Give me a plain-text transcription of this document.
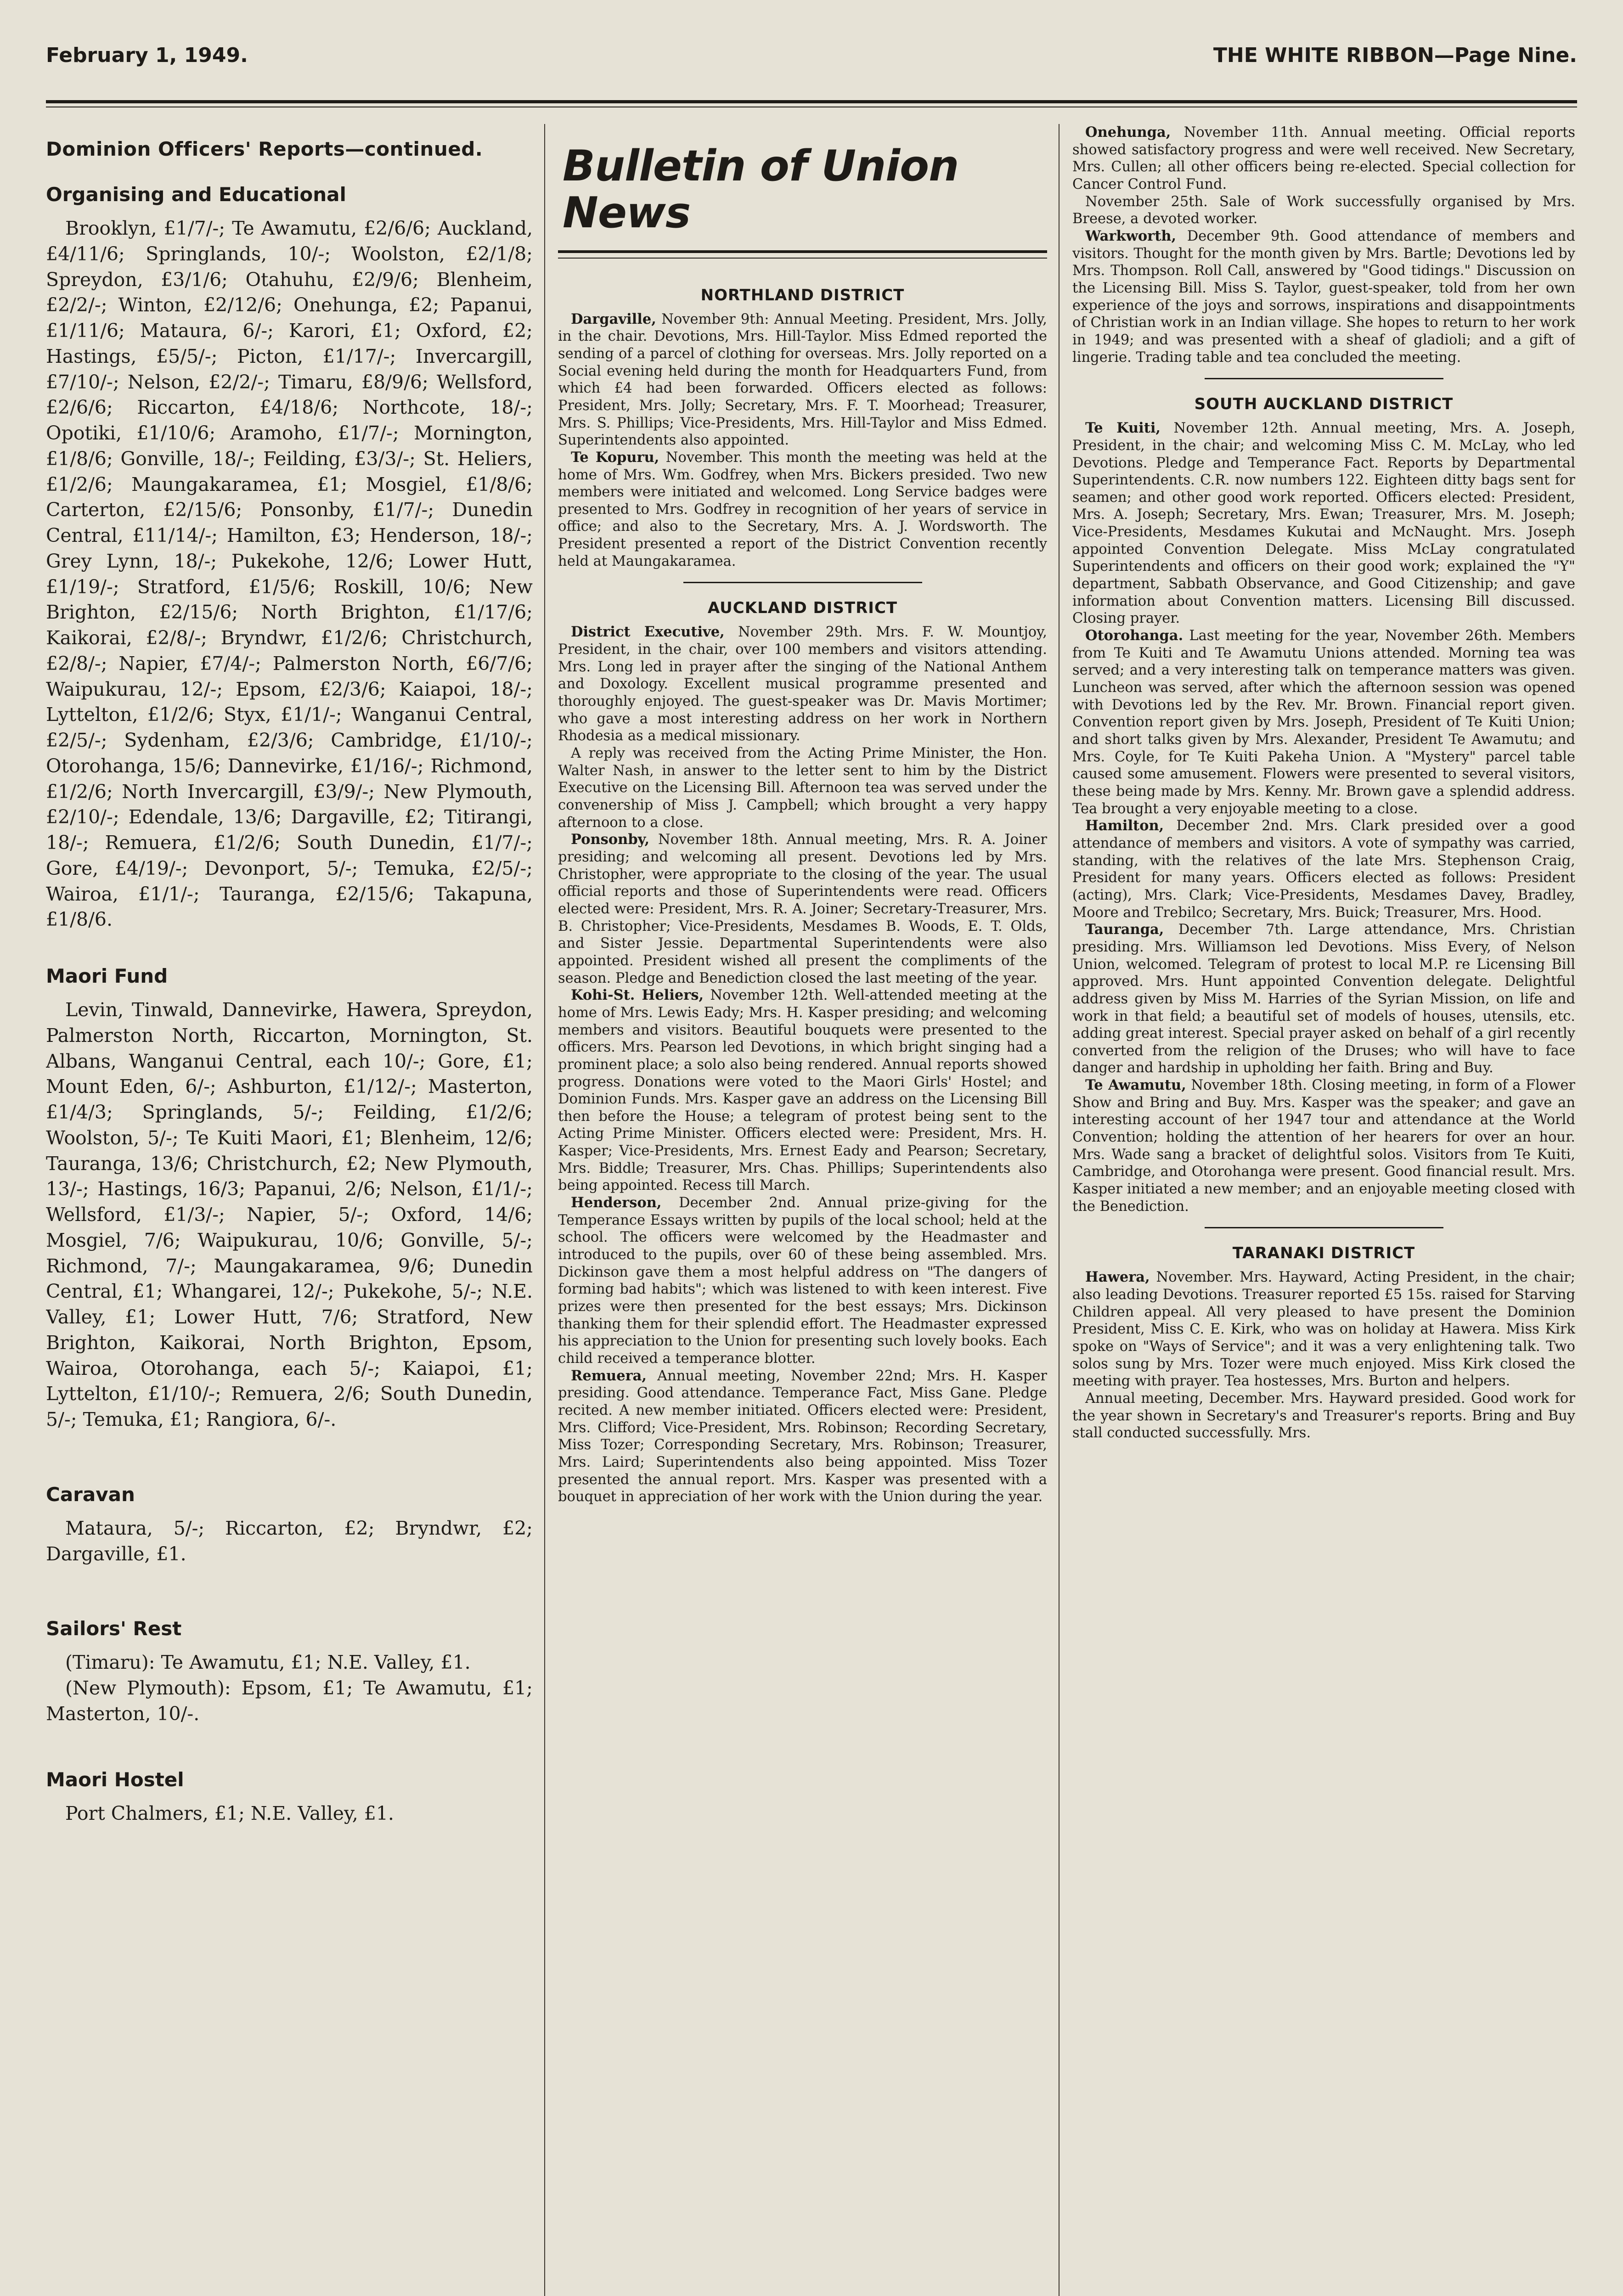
February 1, 1949.	THE WHITE RIBBON—Page Nine.
Dominion Officers' Reports—continued.
Organising and Educational

Brooklyn, £1/7/-; Te Awamutu, £2/6/6; Auckland, £4/11/6; Springlands, 10/-; Woolston, £2/1/8; Spreydon, £3/1/6; Otahuhu, £2/9/6; Blenheim, £2/2/-; Winton, £2/12/6; Onehunga, £2; Papanui, £1/11/6; Mataura, 6/-; Karori, £1; Oxford, £2; Hastings, £5/5/-; Picton, £1/17/-; Invercargill, £7/10/-; Nelson, £2/2/-; Timaru, £8/9/6; Wellsford, £2/6/6; Riccarton, £4/18/6; Northcote, 18/-; Opotiki, £1/10/6; Aramoho, £1/7/-; Mornington, £1/8/6; Gonville, 18/-; Feilding, £3/3/-; St. Heliers, £1/2/6; Maungakaramea, £1; Mosgiel, £1/8/6; Carterton, £2/15/6; Ponsonby, £1/7/-; Dunedin Central, £11/14/-; Hamilton, £3; Henderson, 18/-; Grey Lynn, 18/-; Pukekohe, 12/6; Lower Hutt, £1/19/-; Stratford, £1/5/6; Roskill, 10/6; New Brighton, £2/15/6; North Brighton, £1/17/6; Kaikorai, £2/8/-; Bryndwr, £1/2/6; Christchurch, £2/8/-; Napier, £7/4/-; Palmerston North, £6/7/6; Waipukurau, 12/-; Epsom, £2/3/6; Kaiapoi, 18/-; Lyttelton, £1/2/6; Styx, £1/1/-; Wanganui Central, £2/5/-; Sydenham, £2/3/6; Cambridge, £1/10/-; Otorohanga, 15/6; Dannevirke, £1/16/-; Richmond, £1/2/6; North Invercargill, £3/9/-; New Plymouth, £2/10/-; Edendale, 13/6; Dargaville, £2; Titirangi, 18/-; Remuera, £1/2/6; South Dunedin, £1/7/-; Gore, £4/19/-; Devonport, 5/-; Temuka, £2/5/-; Wairoa, £1/1/-; Tauranga, £2/15/6; Takapuna, £1/8/6.

Maori Fund

Levin, Tinwald, Dannevirke, Hawera, Spreydon, Palmerston North, Riccarton, Mornington, St. Albans, Wanganui Central, each 10/-; Gore, £1; Mount Eden, 6/-; Ashburton, £1/12/-; Masterton, £1/4/3; Springlands, 5/-; Feilding, £1/2/6; Woolston, 5/-; Te Kuiti Maori, £1; Blenheim, 12/6; Tauranga, 13/6; Christchurch, £2; New Plymouth, 13/-; Hastings, 16/3; Papanui, 2/6; Nelson, £1/1/-; Wellsford, £1/3/-; Napier, 5/-; Oxford, 14/6; Mosgiel, 7/6; Waipukurau, 10/6; Gonville, 5/-; Richmond, 7/-; Maungakaramea, 9/6; Dunedin Central, £1; Whangarei, 12/-; Pukekohe, 5/-; N.E. Valley, £1; Lower Hutt, 7/6; Stratford, New Brighton, Kaikorai, North Brighton, Epsom, Wairoa, Otorohanga, each 5/-; Kaiapoi, £1; Lyttelton, £1/10/-; Remuera, 2/6; South Dunedin, 5/-; Temuka, £1; Rangiora, 6/-.

Caravan

Mataura, 5/-; Riccarton, £2; Bryndwr, £2; Dargaville, £1.

Sailors' Rest

(Timaru): Te Awamutu, £1; N.E. Valley, £1.

(New Plymouth): Epsom, £1; Te Awamutu, £1; Masterton, 10/-.

Maori Hostel

Port Chalmers, £1; N.E. Valley, £1.

Bulletin of Union News
NORTHLAND DISTRICT

Dargaville, November 9th: Annual Meeting. President, Mrs. Jolly, in the chair. Devotions, Mrs. Hill-Taylor. Miss Edmed reported the sending of a parcel of clothing for overseas. Mrs. Jolly reported on a Social evening held during the month for Headquarters Fund, from which £4 had been forwarded. Officers elected as follows: President, Mrs. Jolly; Secretary, Mrs. F. T. Moorhead; Treasurer, Mrs. S. Phillips; Vice-Presidents, Mrs. Hill-Taylor and Miss Edmed. Superintendents also appointed.

Te Kopuru, November. This month the meeting was held at the home of Mrs. Wm. Godfrey, when Mrs. Bickers presided. Two new members were initiated and welcomed. Long Service badges were presented to Mrs. Godfrey in recognition of her years of service in office; and also to the Secretary, Mrs. A. J. Wordsworth. The President presented a report of the District Convention recently held at Maungakaramea.

AUCKLAND DISTRICT

District Executive, November 29th. Mrs. F. W. Mountjoy, President, in the chair, over 100 members and visitors attending. Mrs. Long led in prayer after the singing of the National Anthem and Doxology. Excellent musical programme presented and thoroughly enjoyed. The guest-speaker was Dr. Mavis Mortimer; who gave a most interesting address on her work in Northern Rhodesia as a medical missionary.

A reply was received from the Acting Prime Minister, the Hon. Walter Nash, in answer to the letter sent to him by the District Executive on the Licensing Bill. Afternoon tea was served under the convenership of Miss J. Campbell; which brought a very happy afternoon to a close.

Ponsonby, November 18th. Annual meeting, Mrs. R. A. Joiner presiding; and welcoming all present. Devotions led by Mrs. Christopher, were appropriate to the closing of the year. The usual official reports and those of Superintendents were read. Officers elected were: President, Mrs. R. A. Joiner; Secretary-Treasurer, Mrs. B. Christopher; Vice-Presidents, Mesdames B. Woods, E. T. Olds, and Sister Jessie. Departmental Superintendents were also appointed. President wished all present the compliments of the season. Pledge and Benediction closed the last meeting of the year.

Kohi-St. Heliers, November 12th. Well-attended meeting at the home of Mrs. Lewis Eady; Mrs. H. Kasper presiding; and welcoming members and visitors. Beautiful bouquets were presented to the officers. Mrs. Pearson led Devotions, in which bright singing had a prominent place; a solo also being rendered. Annual reports showed progress. Donations were voted to the Maori Girls' Hostel; and Dominion Funds. Mrs. Kasper gave an address on the Licensing Bill then before the House; a telegram of protest being sent to the Acting Prime Minister. Officers elected were: President, Mrs. H. Kasper; Vice-Presidents, Mrs. Ernest Eady and Pearson; Secretary, Mrs. Biddle; Treasurer, Mrs. Chas. Phillips; Superintendents also being appointed. Recess till March.

Henderson, December 2nd. Annual prize-giving for the Temperance Essays written by pupils of the local school; held at the school. The officers were welcomed by the Headmaster and introduced to the pupils, over 60 of these being assembled. Mrs. Dickinson gave them a most helpful address on "The dangers of forming bad habits"; which was listened to with keen interest. Five prizes were then presented for the best essays; Mrs. Dickinson thanking them for their splendid effort. The Headmaster expressed his appreciation to the Union for presenting such lovely books. Each child received a temperance blotter.

Remuera, Annual meeting, November 22nd; Mrs. H. Kasper presiding. Good attendance. Temperance Fact, Miss Gane. Pledge recited. A new member initiated. Officers elected were: President, Mrs. Clifford; Vice-President, Mrs. Robinson; Recording Secretary, Miss Tozer; Corresponding Secretary, Mrs. Robinson; Treasurer, Mrs. Laird; Superintendents also being appointed. Miss Tozer presented the annual report. Mrs. Kasper was presented with a bouquet in appreciation of her work with the Union during the year.

Onehunga, November 11th. Annual meeting. Official reports showed satisfactory progress and were well received. New Secretary, Mrs. Cullen; all other officers being re-elected. Special collection for Cancer Control Fund.

November 25th. Sale of Work successfully organised by Mrs. Breese, a devoted worker.

Warkworth, December 9th. Good attendance of members and visitors. Thought for the month given by Mrs. Bartle; Devotions led by Mrs. Thompson. Roll Call, answered by "Good tidings." Discussion on the Licensing Bill. Miss S. Taylor, guest-speaker, told from her own experience of the joys and sorrows, inspirations and disappointments of Christian work in an Indian village. She hopes to return to her work in 1949; and was presented with a sheaf of gladioli; and a gift of lingerie. Trading table and tea concluded the meeting.

SOUTH AUCKLAND DISTRICT

Te Kuiti, November 12th. Annual meeting, Mrs. A. Joseph, President, in the chair; and welcoming Miss C. M. McLay, who led Devotions. Pledge and Temperance Fact. Reports by Departmental Superintendents. C.R. now numbers 122. Eighteen ditty bags sent for seamen; and other good work reported. Officers elected: President, Mrs. A. Joseph; Secretary, Mrs. Ewan; Treasurer, Mrs. M. Joseph; Vice-Presidents, Mesdames Kukutai and McNaught. Mrs. Joseph appointed Convention Delegate. Miss McLay congratulated Superintendents and officers on their good work; explained the "Y" department, Sabbath Observance, and Good Citizenship; and gave information about Convention matters. Licensing Bill discussed. Closing prayer.

Otorohanga. Last meeting for the year, November 26th. Members from Te Kuiti and Te Awamutu Unions attended. Morning tea was served; and a very interesting talk on temperance matters was given. Luncheon was served, after which the afternoon session was opened with Devotions led by the Rev. Mr. Brown. Financial report given. Convention report given by Mrs. Joseph, President of Te Kuiti Union; and short talks given by Mrs. Alexander, President Te Awamutu; and Mrs. Coyle, for Te Kuiti Pakeha Union. A "Mystery" parcel table caused some amusement. Flowers were presented to several visitors, these being made by Mrs. Kenny. Mr. Brown gave a splendid address. Tea brought a very enjoyable meeting to a close.

Hamilton, December 2nd. Mrs. Clark presided over a good attendance of members and visitors. A vote of sympathy was carried, standing, with the relatives of the late Mrs. Stephenson Craig, President for many years. Officers elected as follows: President (acting), Mrs. Clark; Vice-Presidents, Mesdames Davey, Bradley, Moore and Trebilco; Secretary, Mrs. Buick; Treasurer, Mrs. Hood.

Tauranga, December 7th. Large attendance, Mrs. Christian presiding. Mrs. Williamson led Devotions. Miss Every, of Nelson Union, welcomed. Telegram of protest to local M.P. re Licensing Bill approved. Mrs. Hunt appointed Convention delegate. Delightful address given by Miss M. Harries of the Syrian Mission, on life and work in that field; a beautiful set of models of houses, utensils, etc. adding great interest. Special prayer asked on behalf of a girl recently converted from the religion of the Druses; who will have to face danger and hardship in upholding her faith. Bring and Buy.

Te Awamutu, November 18th. Closing meeting, in form of a Flower Show and Bring and Buy. Mrs. Kasper was the speaker; and gave an interesting account of her 1947 tour and attendance at the World Convention; holding the attention of her hearers for over an hour. Mrs. Wade sang a bracket of delightful solos. Visitors from Te Kuiti, Cambridge, and Otorohanga were present. Good financial result. Mrs. Kasper initiated a new member; and an enjoyable meeting closed with the Benediction.

TARANAKI DISTRICT

Hawera, November. Mrs. Hayward, Acting President, in the chair; also leading Devotions. Treasurer reported £5 15s. raised for Starving Children appeal. All very pleased to have present the Dominion President, Miss C. E. Kirk, who was on holiday at Hawera. Miss Kirk spoke on "Ways of Service"; and it was a very enlightening talk. Two solos sung by Mrs. Tozer were much enjoyed. Miss Kirk closed the meeting with prayer. Tea hostesses, Mrs. Burton and helpers.

Annual meeting, December. Mrs. Hayward presided. Good work for the year shown in Secretary's and Treasurer's reports. Bring and Buy stall conducted successfully. Mrs.
